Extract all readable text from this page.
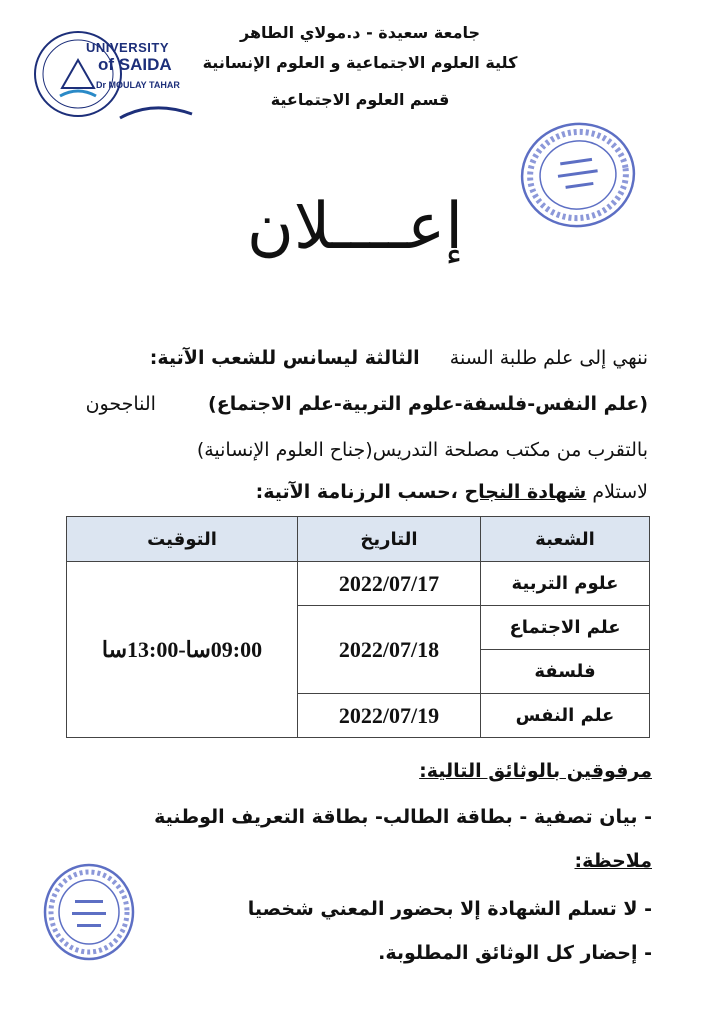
جامعة سعيدة - د.مولاي الطاهر
كلية العلوم الاجتماعية و العلوم الإنسانية
قسم العلوم الاجتماعية
UNIVERSITY
of SAIDA
Dr MOULAY TAHAR
إعــــلان
ننهي إلى علم طلبة السنة  الثالثة ليسانس للشعب الآتية:
(علم النفس-فلسفة-علوم التربية-علم الاجتماع)  الناجحون
بالتقرب من مكتب مصلحة التدريس(جناح العلوم الإنسانية)
لاستلام شهادة النجاح ،حسب الرزنامة الآتية:
الشعبة	التاريخ	التوقيت
علوم التربية	2022/07/17	09:00سا-13:00سا
علم الاجتماع	2022/07/18	
فلسفة		
علم النفس	2022/07/19	
مرفوقين بالوثائق التالية:
- بيان تصفية - بطاقة الطالب- بطاقة التعريف الوطنية
ملاحظة:
- لا تسلم الشهادة إلا بحضور المعني شخصيا
- إحضار كل الوثائق المطلوبة.
